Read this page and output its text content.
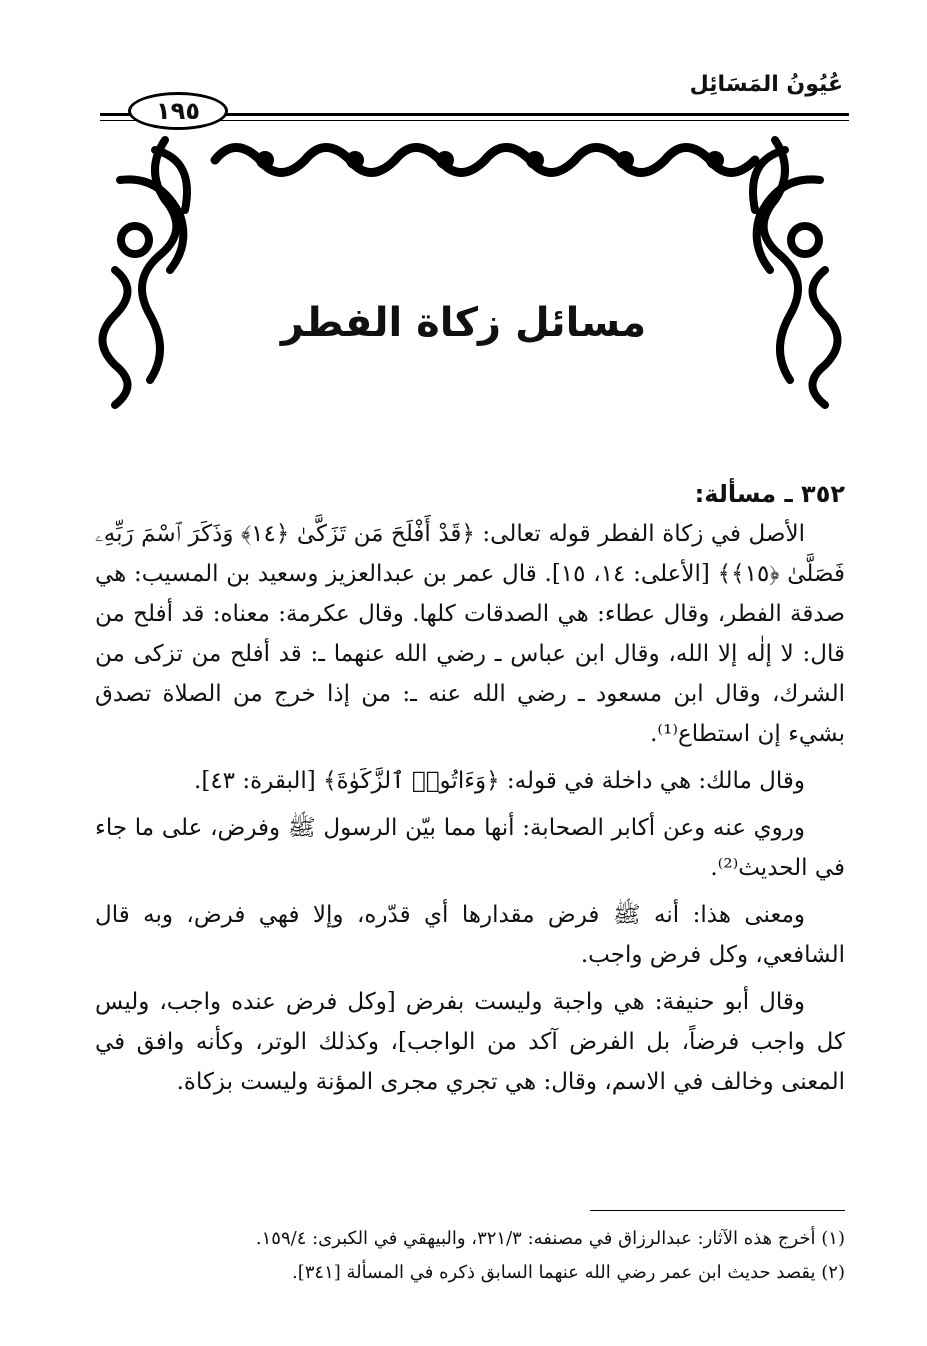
عُيُونُ المَسَائِل
١٩٥
مسائل زكاة الفطر

٣٥٢ ـ مسألة:

الأصل في زكاة الفطر قوله تعالى: ﴿قَدْ أَفْلَحَ مَن تَزَكَّىٰ ﴿١٤﴾ وَذَكَرَ ٱسْمَ رَبِّهِۦ فَصَلَّىٰ ﴿١٥﴾﴾ [الأعلى: ١٤، ١٥]. قال عمر بن عبدالعزيز وسعيد بن المسيب: هي صدقة الفطر، وقال عطاء: هي الصدقات كلها. وقال عكرمة: معناه: قد أفلح من قال: لا إلٰه إلا الله، وقال ابن عباس ـ رضي الله عنهما ـ: قد أفلح من تزكى من الشرك، وقال ابن مسعود ـ رضي الله عنه ـ: من إذا خرج من الصلاة تصدق بشيء إن استطاع⁽¹⁾.

وقال مالك: هي داخلة في قوله: ﴿وَءَاتُوا۟ ٱلزَّكَوٰةَ﴾ [البقرة: ٤٣].

وروي عنه وعن أكابر الصحابة: أنها مما بيّن الرسول ﷺ وفرض، على ما جاء في الحديث⁽²⁾.

ومعنى هذا: أنه ﷺ فرض مقدارها أي قدّره، وإلا فهي فرض، وبه قال الشافعي، وكل فرض واجب.

وقال أبو حنيفة: هي واجبة وليست بفرض [وكل فرض عنده واجب، وليس كل واجب فرضاً، بل الفرض آكد من الواجب]، وكذلك الوتر، وكأنه وافق في المعنى وخالف في الاسم، وقال: هي تجري مجرى المؤنة وليست بزكاة.

(١) أخرج هذه الآثار: عبدالرزاق في مصنفه: ٣٢١/٣، والبيهقي في الكبرى: ١٥٩/٤.

(٢) يقصد حديث ابن عمر رضي الله عنهما السابق ذكره في المسألة [٣٤١].
